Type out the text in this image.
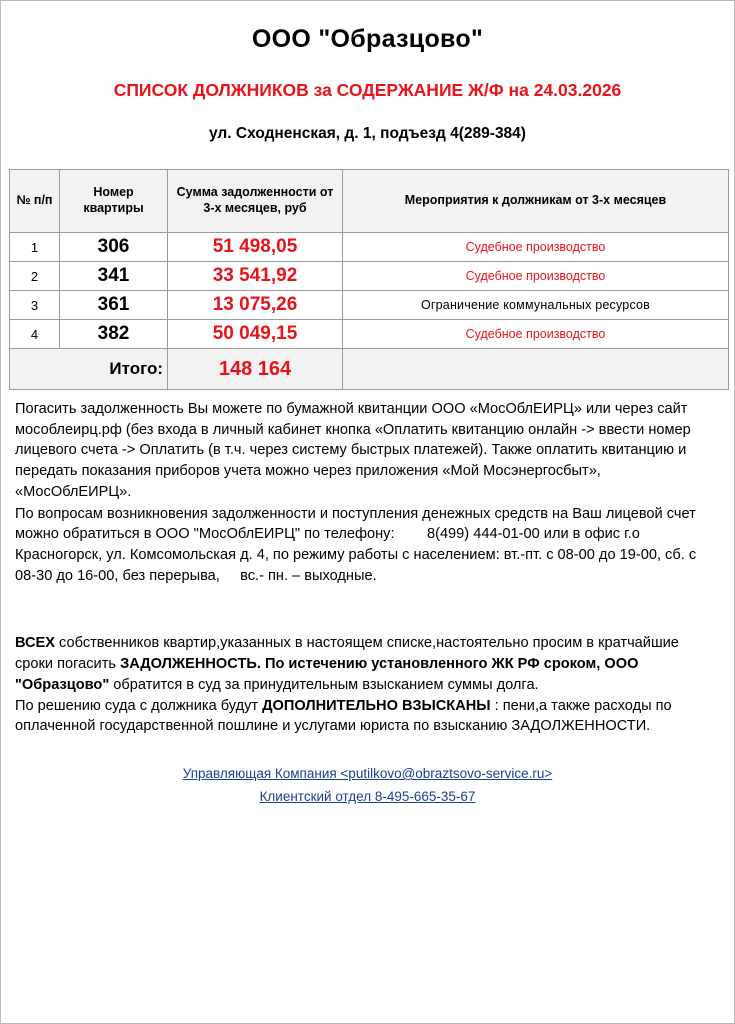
ООО "Образцово"
СПИСОК ДОЛЖНИКОВ за СОДЕРЖАНИЕ Ж/Ф на 24.03.2026
ул. Сходненская, д. 1, подъезд 4(289-384)
№ п/п	Номер квартиры	Сумма задолженности от 3-х месяцев, руб	Мероприятия к должникам от 3-х месяцев
1	306	51 498,05	Судебное производство
2	341	33 541,92	Судебное производство
3	361	13 075,26	Ограничение коммунальных ресурсов
4	382	50 049,15	Судебное производство
Итого:		148 164	

Погасить задолженность Вы можете по бумажной квитанции ООО «МосОблЕИРЦ» или через сайт мособлеирц.рф (без входа в личный кабинет кнопка «Оплатить квитанцию онлайн -> ввести номер лицевого счета -> Оплатить (в т.ч. через систему быстрых платежей). Также оплатить квитанцию и передать показания приборов учета можно через приложения «Мой Мосэнергосбыт», «МосОблЕИРЦ».

По вопросам возникновения задолженности и поступления денежных средств на Ваш лицевой счет можно обратиться в ООО "МосОблЕИРЦ" по телефону: 8(499) 444-01-00 или в офис г.о Красногорск, ул. Комсомольская д. 4, по режиму работы с населением: вт.-пт. с 08-00 до 19-00, сб. с 08-30 до 16-00, без перерыва, вс.- пн. – выходные.

ВСЕХ собственников квартир,указанных в настоящем списке,настоятельно просим в кратчайшие сроки погасить ЗАДОЛЖЕННОСТЬ. По истечению установленного ЖК РФ сроком, ООО "Образцово" обратится в суд за принудительным взысканием суммы долга.

По решению суда с должника будут ДОПОЛНИТЕЛЬНО ВЗЫСКАНЫ : пени,а также расходы по оплаченной государственной пошлине и услугами юриста по взысканию ЗАДОЛЖЕННОСТИ.

Управляющая Компания <putilkovo@obraztsovo-service.ru>
Клиентский отдел 8-495-665-35-67
